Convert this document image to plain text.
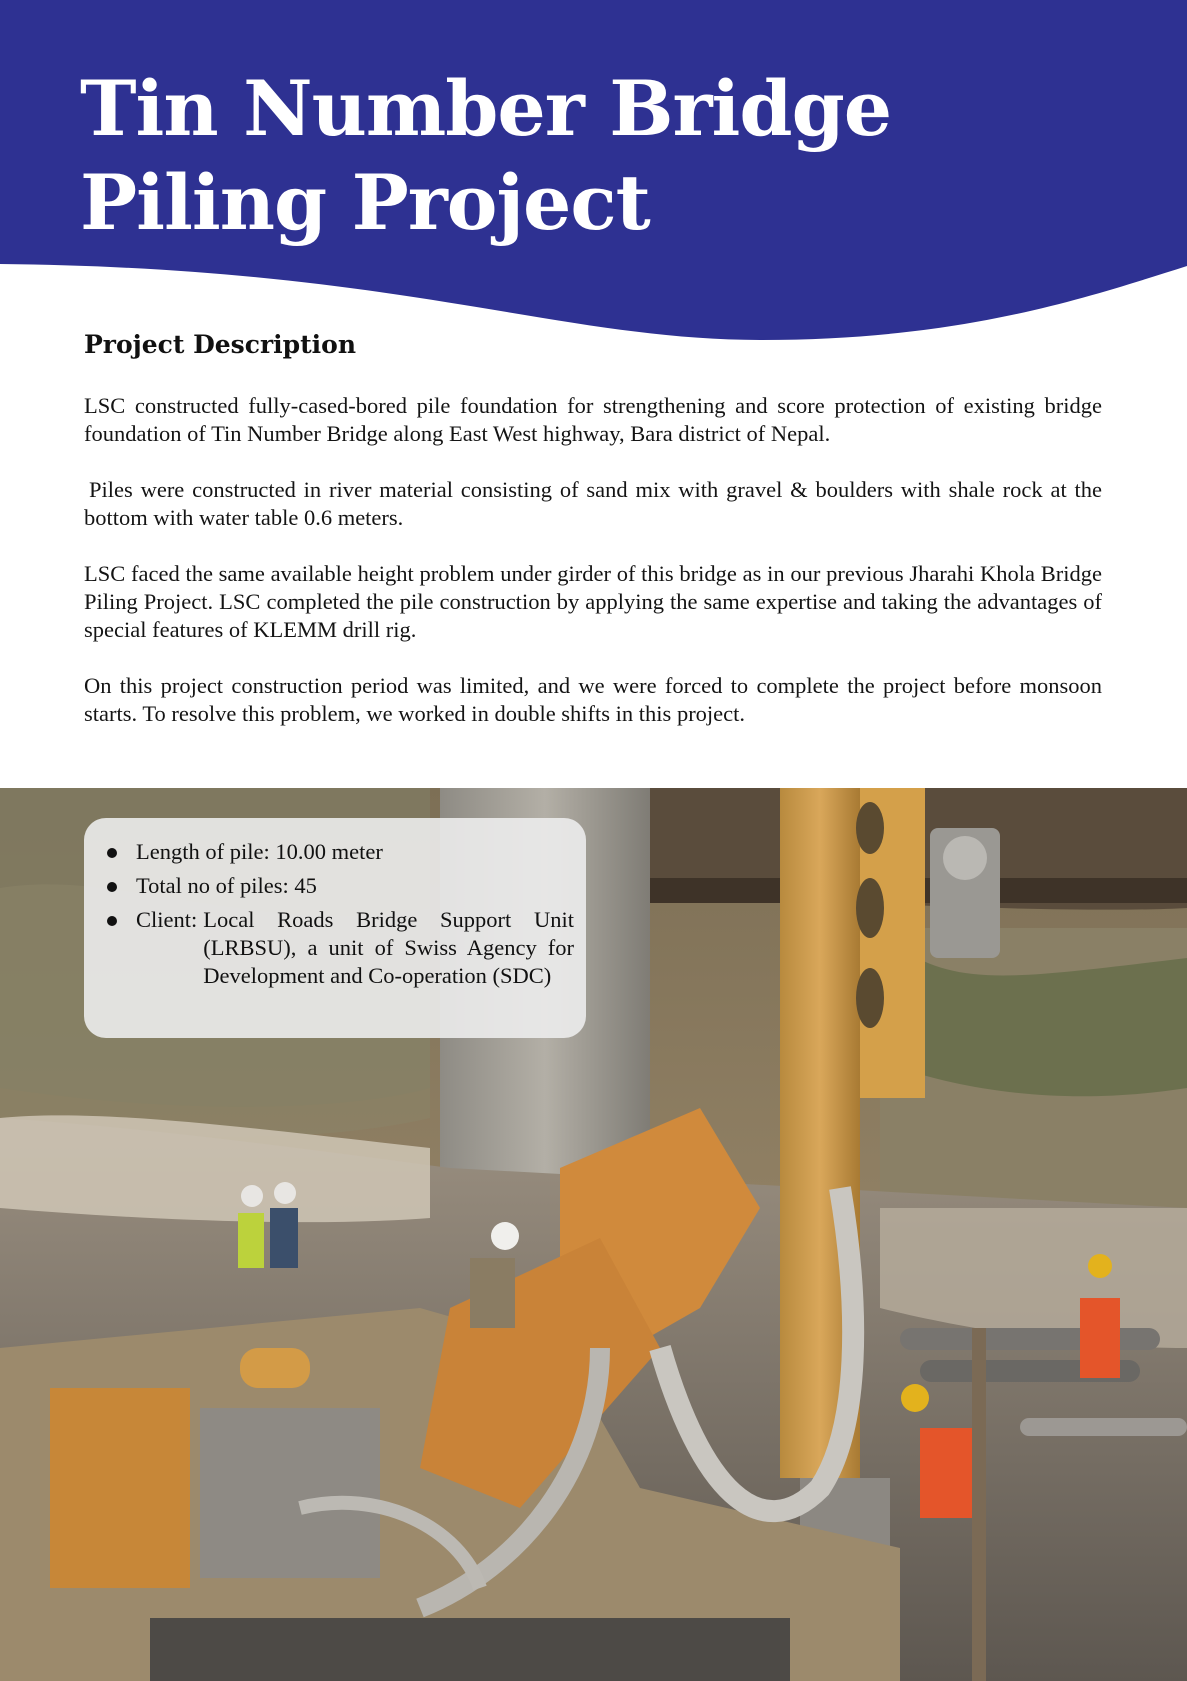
Tin Number Bridge
Piling Project
Project Description

LSC constructed fully-cased-bored pile foundation for strengthening and score protection of existing bridge foundation of Tin Number Bridge along East West highway, Bara district of Nepal.

Piles were constructed in river material consisting of sand mix with gravel & boulders with shale rock at the bottom with water table 0.6 meters.

LSC faced the same available height problem under girder of this bridge as in our previous Jharahi Khola Bridge Piling Project. LSC completed the pile construction by applying the same expertise and taking the advantages of special features of KLEMM drill rig.

On this project construction period was limited, and we were forced to complete the project before monsoon starts. To resolve this problem, we worked in double shifts in this project.

Length of pile: 10.00 meter
Total no of piles: 45
Client: Local Roads Bridge Support Unit (LRBSU), a unit of Swiss Agency for Development and Co-operation (SDC)
